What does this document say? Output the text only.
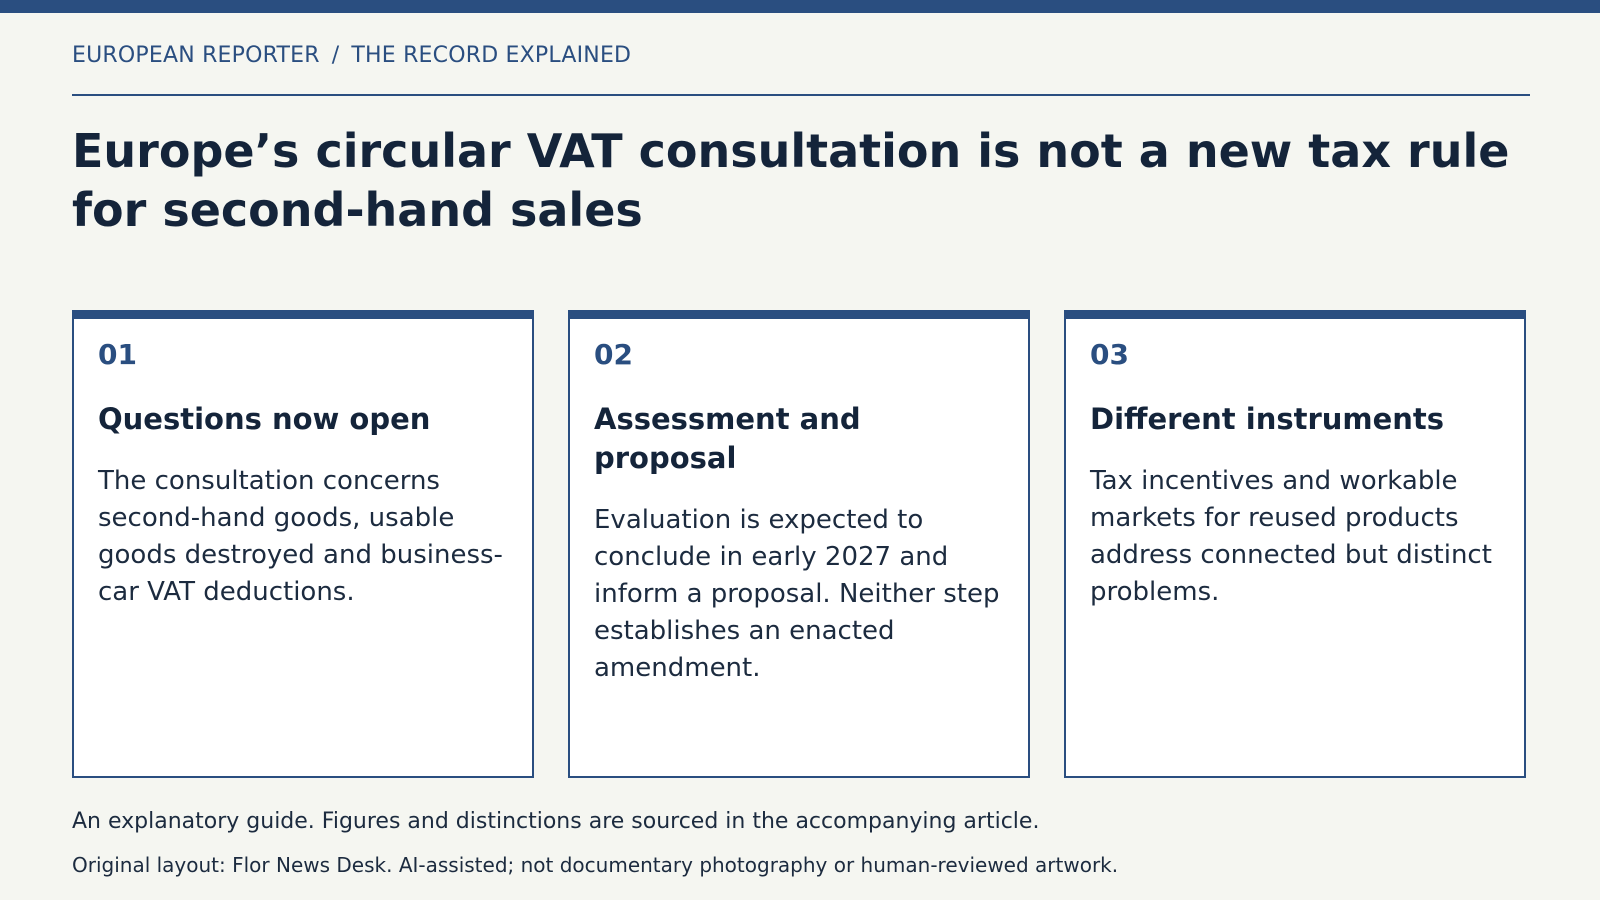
EUROPEAN REPORTER / THE RECORD EXPLAINED
Europe’s circular VAT consultation is not a new tax rule for second-hand sales
01
Questions now open

The consultation concerns second-hand goods, usable goods destroyed and business-car VAT deductions.

02
Assessment and proposal

Evaluation is expected to conclude in early 2027 and inform a proposal. Neither step establishes an enacted amendment.

03
Different instruments

Tax incentives and workable markets for reused products address connected but distinct problems.

An explanatory guide. Figures and distinctions are sourced in the accompanying article.
Original layout: Flor News Desk. AI-assisted; not documentary photography or human-reviewed artwork.
